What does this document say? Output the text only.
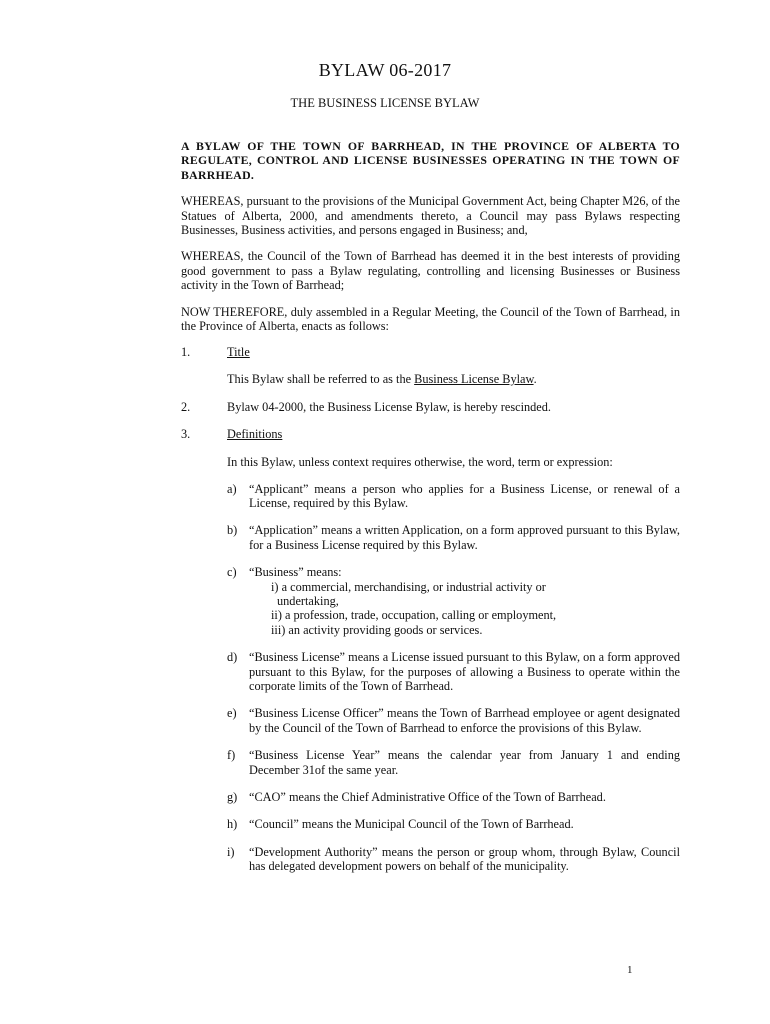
BYLAW 06-2017
THE BUSINESS LICENSE BYLAW

A BYLAW OF THE TOWN OF BARRHEAD, IN THE PROVINCE OF ALBERTA TO REGULATE, CONTROL AND LICENSE BUSINESSES OPERATING IN THE TOWN OF BARRHEAD.

WHEREAS, pursuant to the provisions of the Municipal Government Act, being Chapter M26, of the Statues of Alberta, 2000, and amendments thereto, a Council may pass Bylaws respecting Businesses, Business activities, and persons engaged in Business; and,

WHEREAS, the Council of the Town of Barrhead has deemed it in the best interests of providing good government to pass a Bylaw regulating, controlling and licensing Businesses or Business activity in the Town of Barrhead;

NOW THEREFORE, duly assembled in a Regular Meeting, the Council of the Town of Barrhead, in the Province of Alberta, enacts as follows:

1.	Title
This Bylaw shall be referred to as the Business License Bylaw.
2.	Bylaw 04-2000, the Business License Bylaw, is hereby rescinded.
3.	Definitions

In this Bylaw, unless context requires otherwise, the word, term or expression:

a)	“Applicant” means a person who applies for a Business License, or renewal of a License, required by this Bylaw.
b) “Application” means a written Application, on a form approved pursuant to this Bylaw, for a Business License required by this Bylaw.
c)	“Business” means:
i) a commercial, merchandising, or industrial activity or
undertaking,
ii) a profession, trade, occupation, calling or employment,
iii) an activity providing goods or services.
d) “Business License” means a License issued pursuant to this Bylaw, on a form approved pursuant to this Bylaw, for the purposes of allowing a Business to operate within the corporate limits of the Town of Barrhead.
e)	“Business License Officer” means the Town of Barrhead employee or agent designated by the Council of the Town of Barrhead to enforce the provisions of this Bylaw.
f)	“Business License Year” means the calendar year from January 1 and ending December 31of the same year.
g) “CAO” means the Chief Administrative Office of the Town of Barrhead.
h) “Council” means the Municipal Council of the Town of Barrhead.
i)	“Development Authority” means the person or group whom, through Bylaw, Council has delegated development powers on behalf of the municipality.
1
